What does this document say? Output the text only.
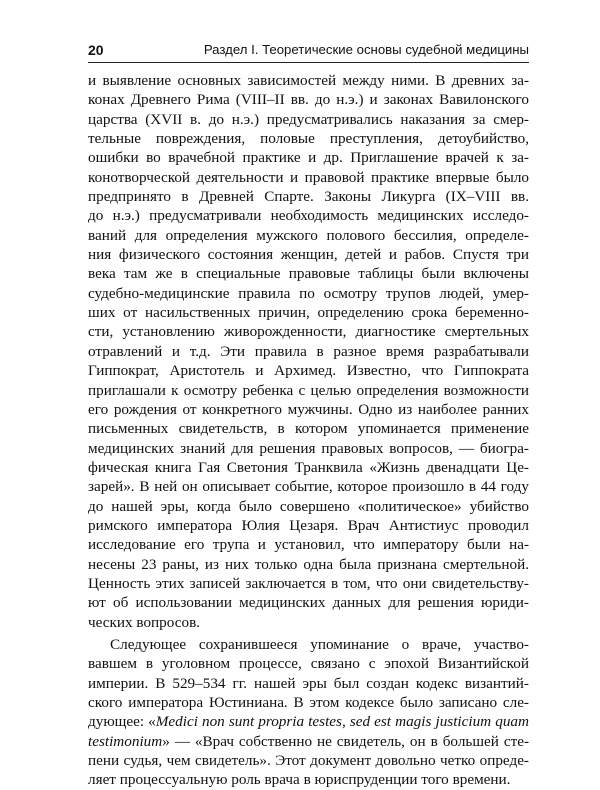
20	Раздел I. Теоретические основы судебной медицины
и выявление основных зависимостей между ними. В древних за-
конах Древнего Рима (VIII–II вв. до н.э.) и законах Вавилонского
царства (XVII в. до н.э.) предусматривались наказания за смер-
тельные повреждения, половые преступления, детоубийство,
ошибки во врачебной практике и др. Приглашение врачей к за-
конотворческой деятельности и правовой практике впервые было
предпринято в Древней Спарте. Законы Ликурга (IX–VIII вв.
до н.э.) предусматривали необходимость медицинских исследо-
ваний для определения мужского полового бессилия, определе-
ния физического состояния женщин, детей и рабов. Спустя три
века там же в специальные правовые таблицы были включены
судебно-медицинские правила по осмотру трупов людей, умер-
ших от насильственных причин, определению срока беременно-
сти, установлению живорожденности, диагностике смертельных
отравлений и т.д. Эти правила в разное время разрабатывали
Гиппократ, Аристотель и Архимед. Известно, что Гиппократа
приглашали к осмотру ребенка с целью определения возможности
его рождения от конкретного мужчины. Одно из наиболее ранних
письменных свидетельств, в котором упоминается применение
медицинских знаний для решения правовых вопросов, — биогра-
фическая книга Гая Светония Транквила «Жизнь двенадцати Це-
зарей». В ней он описывает событие, которое произошло в 44 году
до нашей эры, когда было совершено «политическое» убийство
римского императора Юлия Цезаря. Врач Антистиус проводил
исследование его трупа и установил, что императору были на-
несены 23 раны, из них только одна была признана смертельной.
Ценность этих записей заключается в том, что они свидетельству-
ют об использовании медицинских данных для решения юриди-
ческих вопросов.
Следующее сохранившееся упоминание о враче, участво-
вавшем в уголовном процессе, связано с эпохой Византийской
империи. В 529–534 гг. нашей эры был создан кодекс византий-
ского императора Юстиниана. В этом кодексе было записано сле-
дующее: «Medici non sunt propria testes, sed est magis justicium quam
testimonium» — «Врач собственно не свидетель, он в большей сте-
пени судья, чем свидетель». Этот документ довольно четко опреде-
ляет процессуальную роль врача в юриспруденции того времени.
